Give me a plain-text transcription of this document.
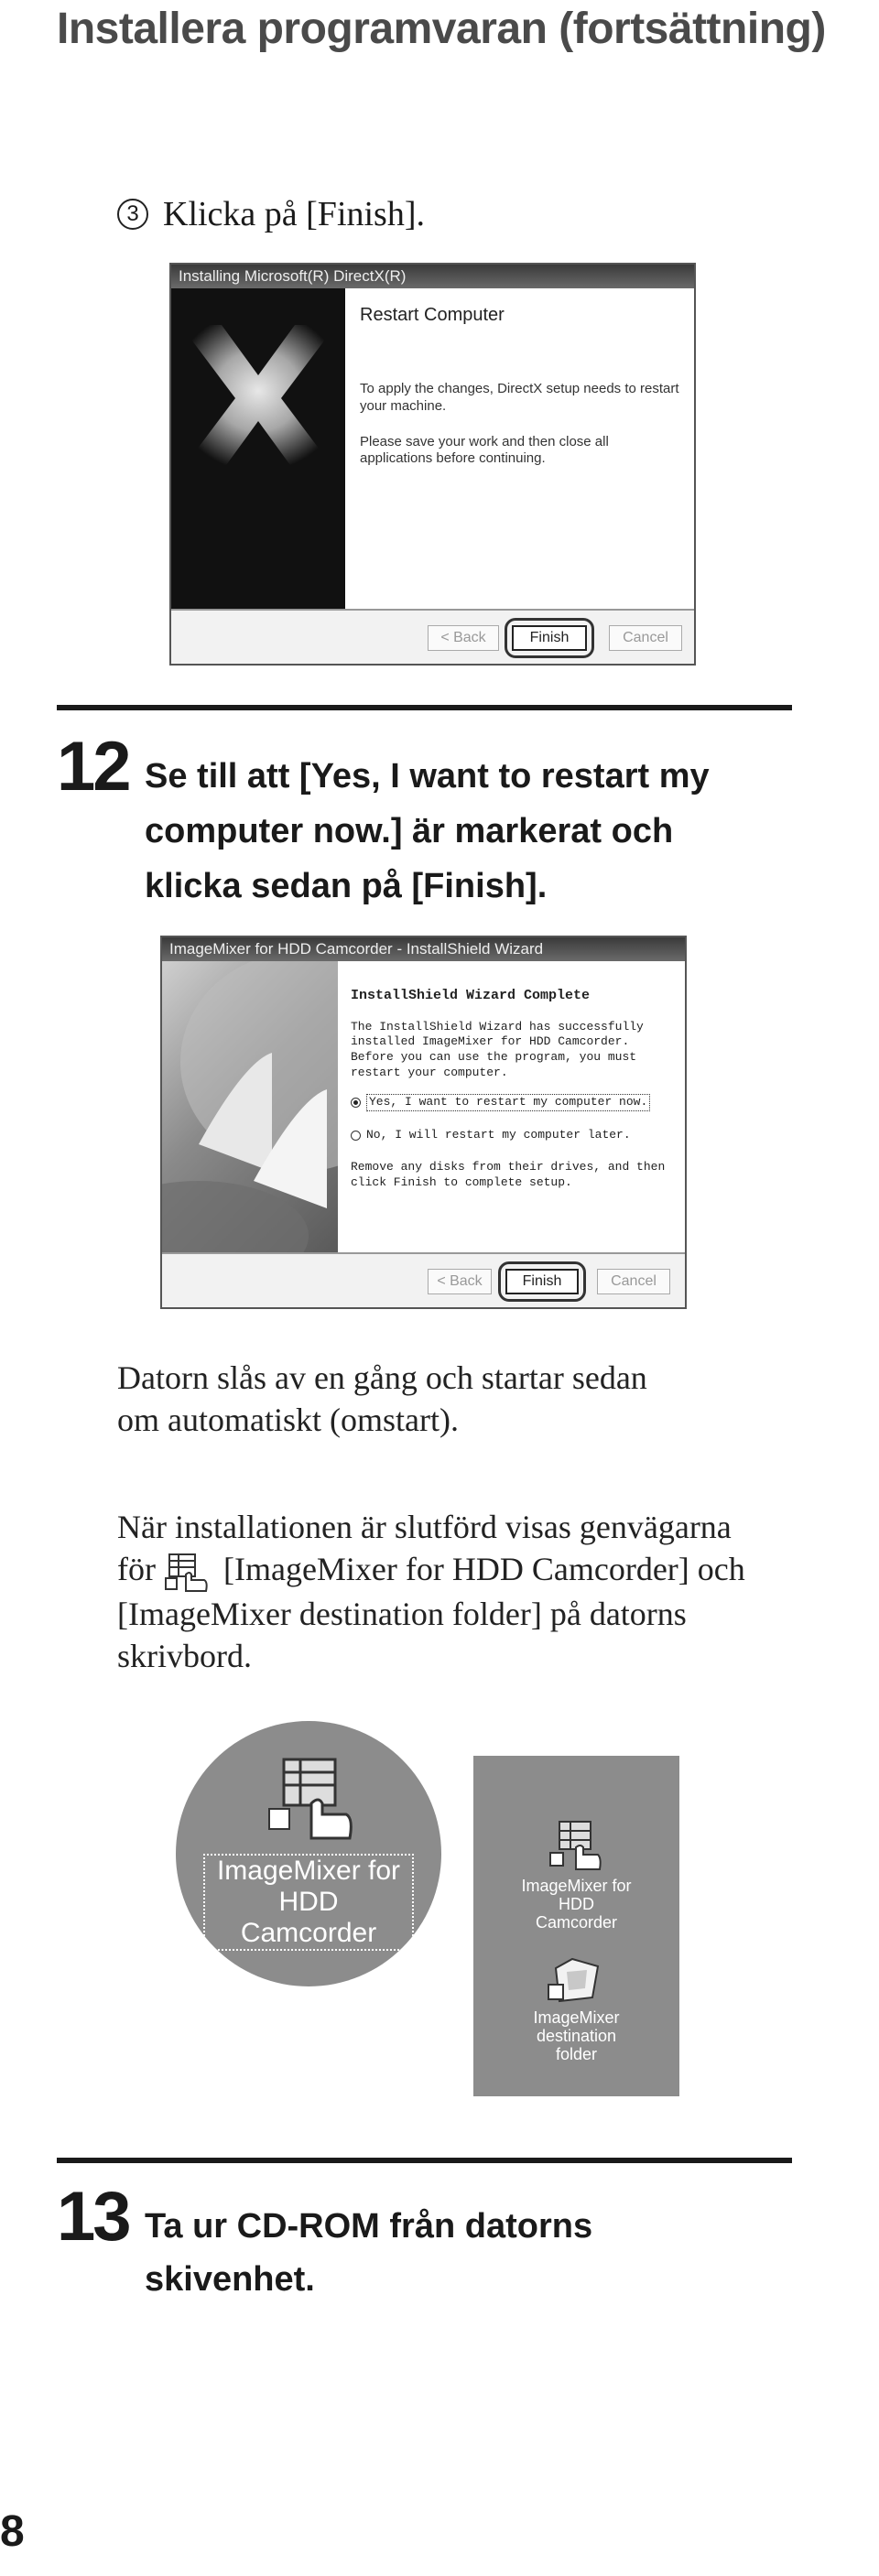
Installera programvaran (fortsättning)
3 Klicka på [Finish].
Installing Microsoft(R) DirectX(R)
Restart Computer

To apply the changes, DirectX setup needs to restart your machine.

Please save your work and then close all applications before continuing.

< Back	Finish	Cancel
12 Se till att [Yes, I want to restart my
computer now.] är markerat och
klicka sedan på [Finish].
ImageMixer for HDD Camcorder - InstallShield Wizard
InstallShield Wizard Complete

The InstallShield Wizard has successfully installed ImageMixer for HDD Camcorder. Before you can use the program, you must restart your computer.

Yes, I want to restart my computer now.
No, I will restart my computer later.

Remove any disks from their drives, and then click Finish to complete setup.

< Back	Finish	Cancel
Datorn slås av en gång och startar sedan
om automatiskt (omstart).
När installationen är slutförd visas genvägarna
för [ImageMixer for HDD Camcorder] och
[ImageMixer destination folder] på datorns
skrivbord.
ImageMixer for
HDD
Camcorder
ImageMixer for
HDD
Camcorder
ImageMixer
destination
folder
13 Ta ur CD-ROM från datorns
skivenhet.
8
